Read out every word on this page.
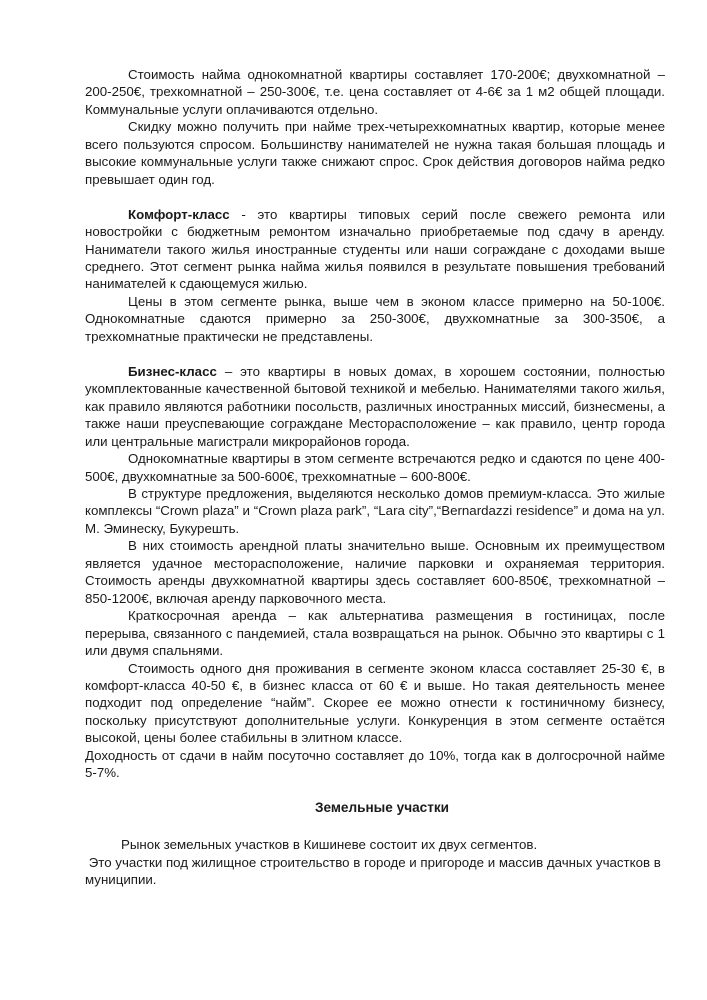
Стоимость найма однокомнатной квартиры составляет 170-200€; двухкомнатной – 200-250€, трехкомнатной – 250-300€, т.е. цена составляет от 4-6€ за 1 м2 общей площади. Коммунальные услуги оплачиваются отдельно.

Скидку можно получить при найме трех-четырехкомнатных квартир, которые менее всего пользуются спросом. Большинству нанимателей не нужна такая большая площадь и высокие коммунальные услуги также снижают спрос. Срок действия договоров найма редко превышает один год.

Комфорт-класс - это квартиры типовых серий после свежего ремонта или новостройки с бюджетным ремонтом изначально приобретаемые под сдачу в аренду. Наниматели такого жилья иностранные студенты или наши сограждане с доходами выше среднего. Этот сегмент рынка найма жилья появился в результате повышения требований нанимателей к сдающемуся жилью.

Цены в этом сегменте рынка, выше чем в эконом классе примерно на 50-100€. Однокомнатные сдаются примерно за 250-300€, двухкомнатные за 300-350€, а трехкомнатные практически не представлены.

Бизнес-класс – это квартиры в новых домах, в хорошем состоянии, полностью укомплектованные качественной бытовой техникой и мебелью. Нанимателями такого жилья, как правило являются работники посольств, различных иностранных миссий, бизнесмены, а также наши преуспевающие сограждане Месторасположение – как правило, центр города или центральные магистрали микрорайонов города.

Однокомнатные квартиры в этом сегменте встречаются редко и сдаются по цене 400-500€, двухкомнатные за 500-600€, трехкомнатные – 600-800€.

В структуре предложения, выделяются несколько домов премиум-класса. Это жилые комплексы “Crown plaza” и “Crown plaza park”, “Lara city”,“Bernardazzi residence” и дома на ул. М. Эминеску, Букурешть.

В них стоимость арендной платы значительно выше. Основным их преимуществом является удачное месторасположение, наличие парковки и охраняемая территория. Стоимость аренды двухкомнатной квартиры здесь составляет 600-850€, трехкомнатной – 850-1200€, включая аренду парковочного места.

Краткосрочная аренда – как альтернатива размещения в гостиницах, после перерыва, связанного с пандемией, стала возвращаться на рынок. Обычно это квартиры с 1 или двумя спальнями.

Стоимость одного дня проживания в сегменте эконом класса составляет 25-30 €, в комфорт-класса 40-50 €, в бизнес класса от 60 € и выше. Но такая деятельность менее подходит под определение “найм”. Скорее ее можно отнести к гостиничному бизнесу, поскольку присутствуют дополнительные услуги. Конкуренция в этом сегменте остаётся высокой, цены более стабильны в элитном классе.

Доходность от сдачи в найм посуточно составляет до 10%, тогда как в долгосрочной найме 5-7%.

Земельные участки

Рынок земельных участков в Кишиневе состоит их двух сегментов.

Это участки под жилищное строительство в городе и пригороде и массив дачных участков в муниципии.
